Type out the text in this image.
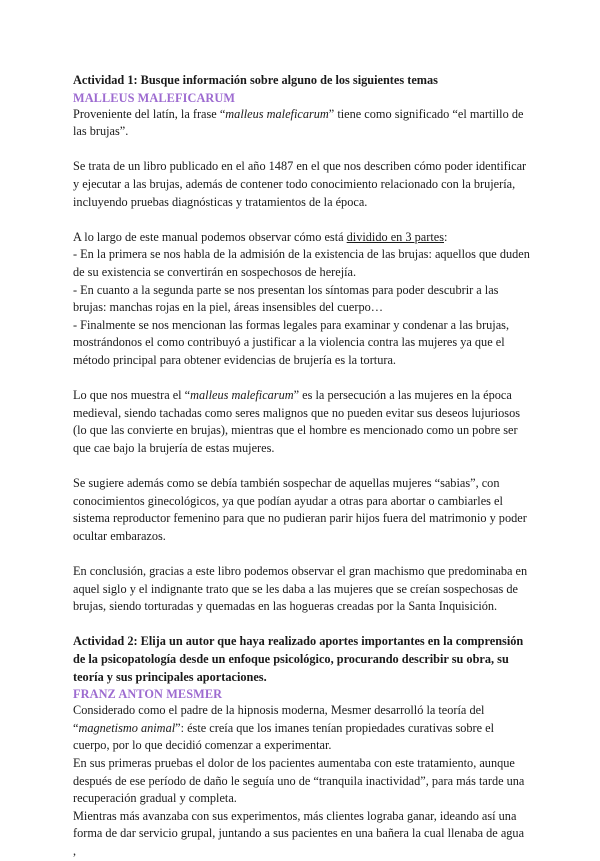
Actividad 1: Busque información sobre alguno de los siguientes temas

MALLEUS MALEFICARUM

Proveniente del latín, la frase “malleus maleficarum” tiene como significado “el martillo de las brujas”.

Se trata de un libro publicado en el año 1487 en el que nos describen cómo poder identificar y ejecutar a las brujas, además de contener todo conocimiento relacionado con la brujería, incluyendo pruebas diagnósticas y tratamientos de la época.

A lo largo de este manual podemos observar cómo está dividido en 3 partes:

- En la primera se nos habla de la admisión de la existencia de las brujas: aquellos que duden de su existencia se convertirán en sospechosos de herejía.

- En cuanto a la segunda parte se nos presentan los síntomas para poder descubrir a las brujas: manchas rojas en la piel, áreas insensibles del cuerpo…

- Finalmente se nos mencionan las formas legales para examinar y condenar a las brujas, mostrándonos el como contribuyó a justificar a la violencia contra las mujeres ya que el método principal para obtener evidencias de brujería es la tortura.

Lo que nos muestra el “malleus maleficarum” es la persecución a las mujeres en la época medieval, siendo tachadas como seres malignos que no pueden evitar sus deseos lujuriosos (lo que las convierte en brujas), mientras que el hombre es mencionado como un pobre ser que cae bajo la brujería de estas mujeres.

Se sugiere además como se debía también sospechar de aquellas mujeres “sabias”, con conocimientos ginecológicos, ya que podían ayudar a otras para abortar o cambiarles el sistema reproductor femenino para que no pudieran parir hijos fuera del matrimonio y poder ocultar embarazos.

En conclusión, gracias a este libro podemos observar el gran machismo que predominaba en aquel siglo y el indignante trato que se les daba a las mujeres que se creían sospechosas de brujas, siendo torturadas y quemadas en las hogueras creadas por la Santa Inquisición.

Actividad 2: Elija un autor que haya realizado aportes importantes en la comprensión de la psicopatología desde un enfoque psicológico, procurando describir su obra, su teoría y sus principales aportaciones.

FRANZ ANTON MESMER

Considerado como el padre de la hipnosis moderna, Mesmer desarrolló la teoría del “magnetismo animal”: éste creía que los imanes tenían propiedades curativas sobre el cuerpo, por lo que decidió comenzar a experimentar.

En sus primeras pruebas el dolor de los pacientes aumentaba con este tratamiento, aunque después de ese período de daño le seguía uno de “tranquila inactividad”, para más tarde una recuperación gradual y completa.

Mientras más avanzaba con sus experimentos, más clientes lograba ganar, ideando así una forma de dar servicio grupal, juntando a sus pacientes en una bañera la cual llenaba de agua ,
